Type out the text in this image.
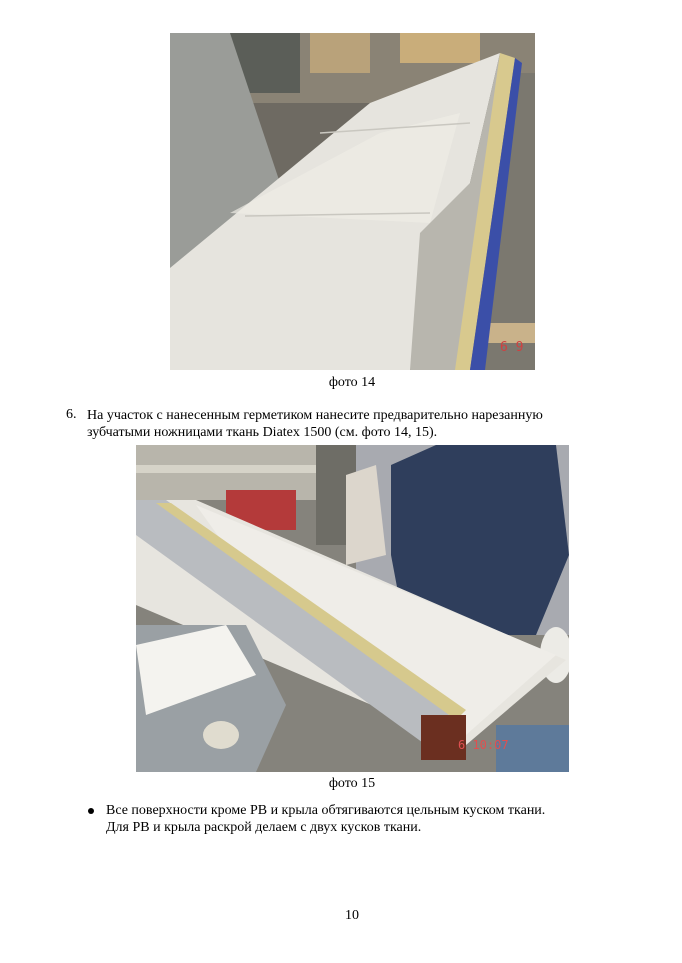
6 9
фото 14
6. На участок с нанесенным герметиком нанесите предварительно нарезанную
зубчатыми ножницами ткань Diatex 1500 (см. фото 14, 15).
6 10:07
фото 15
Все поверхности кроме РВ и крыла обтягиваются цельным куском ткани.
Для РВ и крыла раскрой делаем с двух кусков ткани.
10
